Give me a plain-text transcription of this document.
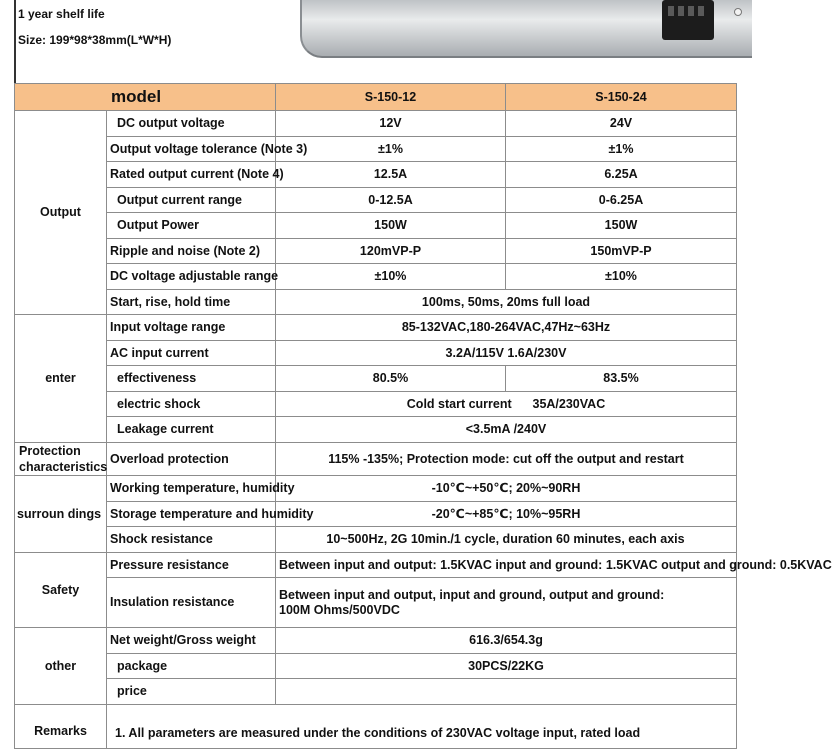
1 year shelf life
Size: 199*98*38mm(L*W*H)
model		S-150-12	S-150-24
Output	DC output voltage	12V	24V
	Output voltage tolerance (Note 3)	±1%	±1%
	Rated output current (Note 4)	12.5A	6.25A
	Output current range	0-12.5A	0-6.25A
	Output Power	150W	150W
	Ripple and noise (Note 2)	120mVP-P	150mVP-P
	DC voltage adjustable range	±10%	±10%
	Start, rise, hold time	100ms, 50ms, 20ms full load	
enter	Input voltage range	85-132VAC,180-264VAC,47Hz~63Hz	
	AC input current	3.2A/115V 1.6A/230V	
	effectiveness	80.5%	83.5%
	electric shock	Cold start current      35A/230VAC	
	Leakage current	<3.5mA /240V	
Protection characteristics	Overload protection	115% -135%; Protection mode: cut off the output and restart	
surroun dings	Working temperature, humidity	-10℃~+50℃; 20%~90RH	
	Storage temperature and humidity	-20℃~+85℃; 10%~95RH	
	Shock resistance	10~500Hz, 2G 10min./1 cycle, duration 60 minutes, each axis	
Safety	Pressure resistance	Between input and output: 1.5KVAC input and ground: 1.5KVAC output and ground: 0.5KVAC	
	Insulation resistance	Between input and output, input and ground, output and ground:
100M Ohms/500VDC	

other	Net weight/Gross weight	616.3/654.3g	
	package	30PCS/22KG	
	price		
Remarks	1. All parameters are measured under the conditions of 230VAC voltage input, rated load		
